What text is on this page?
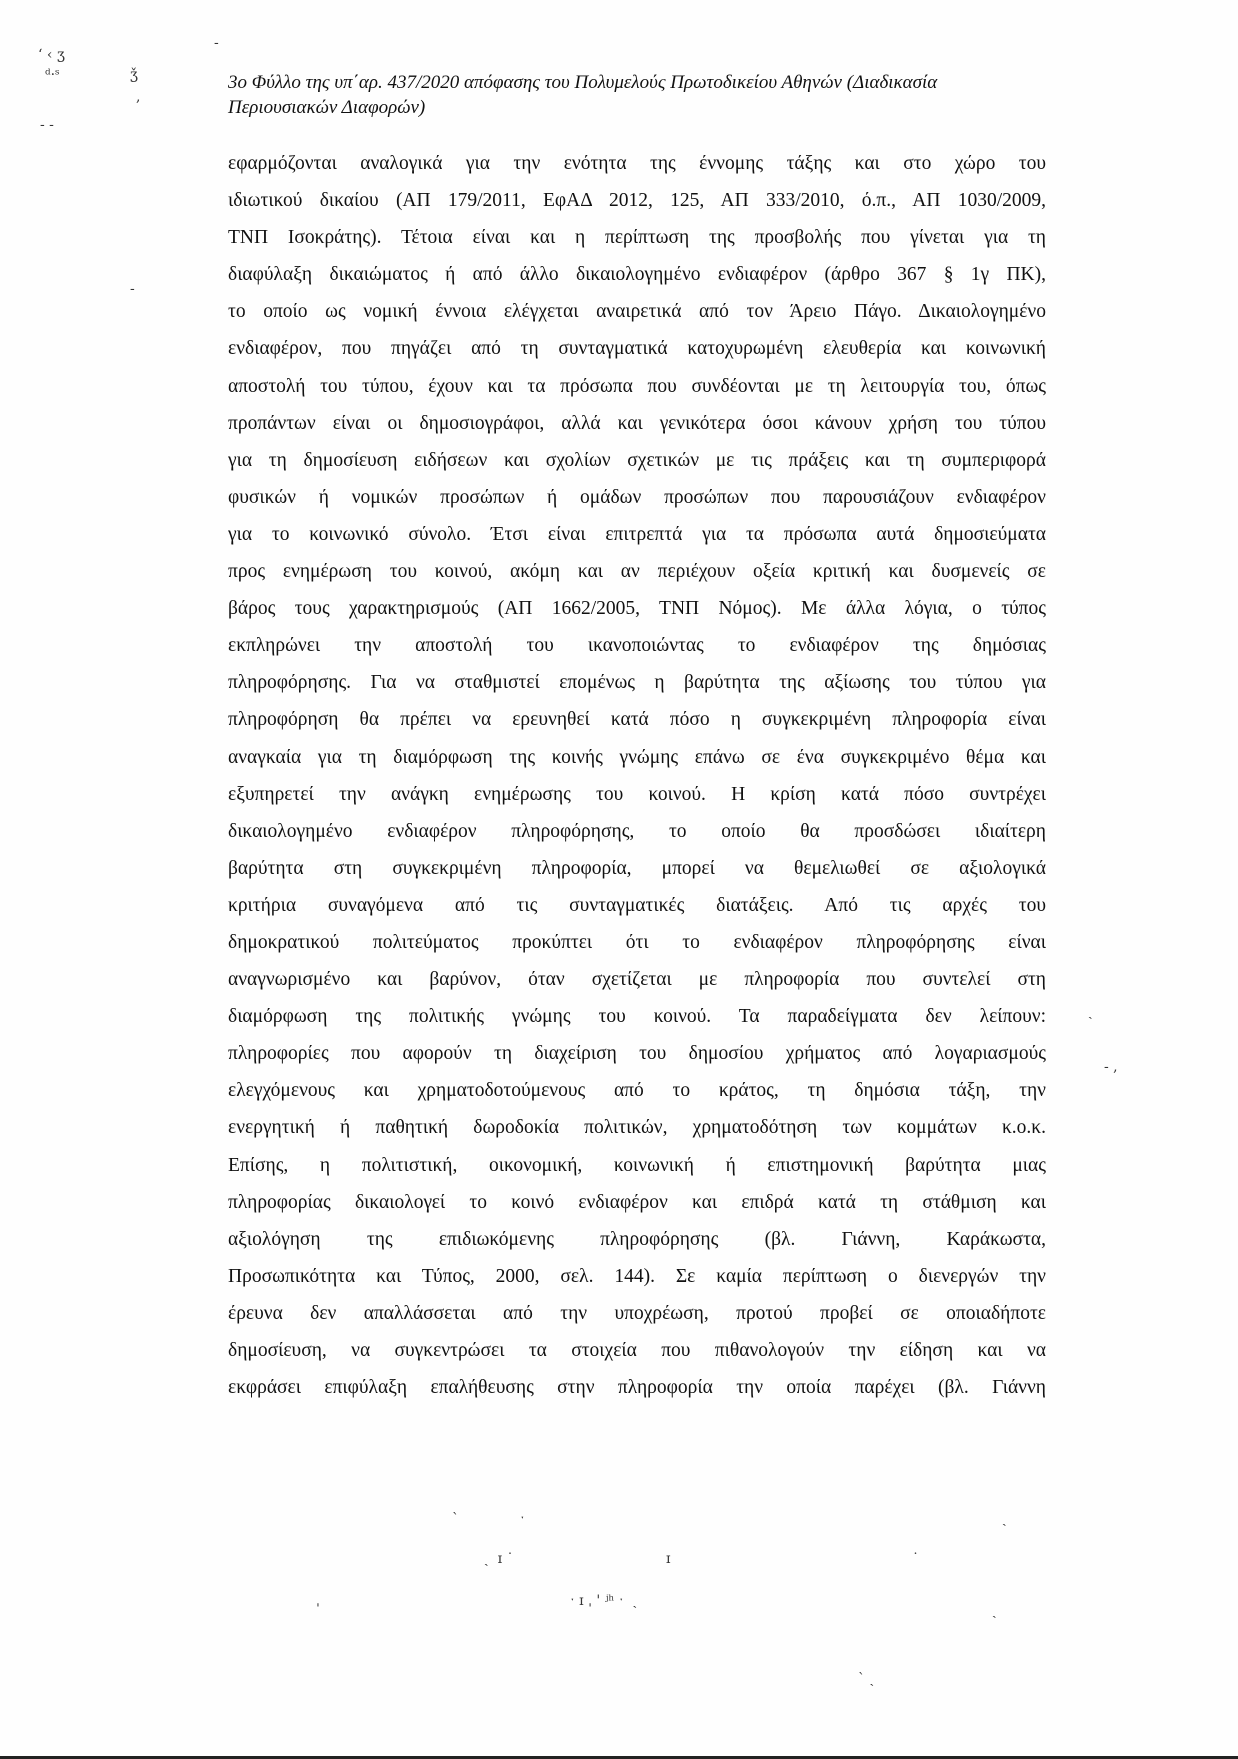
‘ ‹ ʒ
ᵈ·ˢ	ǯ
,
- -
-
-
ˏ
- ,
ˎ  ɪ ˙	ɪ	˙
ˌ	ˑ ɪ ˌ ' ʲʰ ˑ  ˏ
ˎ
ˋ ˏ
ˋ	ˑ	ˏ
3ο Φύλλο της υπ΄αρ. 437/2020 απόφασης του Πολυμελούς Πρωτοδικείου Αθηνών (Διαδικασία Περιουσιακών Διαφορών)
εφαρμόζονται αναλογικά για την ενότητα της έννομης τάξης και στο χώρο του
ιδιωτικού δικαίου (ΑΠ 179/2011, ΕφΑΔ 2012, 125, ΑΠ 333/2010, ό.π., ΑΠ 1030/2009,
ΤΝΠ Ισοκράτης). Τέτοια είναι και η περίπτωση της προσβολής που γίνεται για τη
διαφύλαξη δικαιώματος ή από άλλο δικαιολογημένο ενδιαφέρον (άρθρο 367 § 1γ ΠΚ),
το οποίο ως νομική έννοια ελέγχεται αναιρετικά από τον Άρειο Πάγο. Δικαιολογημένο
ενδιαφέρον, που πηγάζει από τη συνταγματικά κατοχυρωμένη ελευθερία και κοινωνική
αποστολή του τύπου, έχουν και τα πρόσωπα που συνδέονται με τη λειτουργία του, όπως
προπάντων είναι οι δημοσιογράφοι, αλλά και γενικότερα όσοι κάνουν χρήση του τύπου
για τη δημοσίευση ειδήσεων και σχολίων σχετικών με τις πράξεις και τη συμπεριφορά
φυσικών ή νομικών προσώπων ή ομάδων προσώπων που παρουσιάζουν ενδιαφέρον
για το κοινωνικό σύνολο. Έτσι είναι επιτρεπτά για τα πρόσωπα αυτά δημοσιεύματα
προς ενημέρωση του κοινού, ακόμη και αν περιέχουν οξεία κριτική και δυσμενείς σε
βάρος τους χαρακτηρισμούς (ΑΠ 1662/2005, ΤΝΠ Νόμος). Με άλλα λόγια, ο τύπος
εκπληρώνει την αποστολή του ικανοποιώντας το ενδιαφέρον της δημόσιας
πληροφόρησης. Για να σταθμιστεί επομένως η βαρύτητα της αξίωσης του τύπου για
πληροφόρηση θα πρέπει να ερευνηθεί κατά πόσο η συγκεκριμένη πληροφορία είναι
αναγκαία για τη διαμόρφωση της κοινής γνώμης επάνω σε ένα συγκεκριμένο θέμα και
εξυπηρετεί την ανάγκη ενημέρωσης του κοινού. Η κρίση κατά πόσο συντρέχει
δικαιολογημένο ενδιαφέρον πληροφόρησης, το οποίο θα προσδώσει ιδιαίτερη
βαρύτητα στη συγκεκριμένη πληροφορία, μπορεί να θεμελιωθεί σε αξιολογικά
κριτήρια συναγόμενα από τις συνταγματικές διατάξεις. Από τις αρχές του
δημοκρατικού πολιτεύματος προκύπτει ότι το ενδιαφέρον πληροφόρησης είναι
αναγνωρισμένο και βαρύνον, όταν σχετίζεται με πληροφορία που συντελεί στη
διαμόρφωση της πολιτικής γνώμης του κοινού. Τα παραδείγματα δεν λείπουν:
πληροφορίες που αφορούν τη διαχείριση του δημοσίου χρήματος από λογαριασμούς
ελεγχόμενους και χρηματοδοτούμενους από το κράτος, τη δημόσια τάξη, την
ενεργητική ή παθητική δωροδοκία πολιτικών, χρηματοδότηση των κομμάτων κ.ο.κ.
Επίσης, η πολιτιστική, οικονομική, κοινωνική ή επιστημονική βαρύτητα μιας
πληροφορίας δικαιολογεί το κοινό ενδιαφέρον και επιδρά κατά τη στάθμιση και
αξιολόγηση της επιδιωκόμενης πληροφόρησης (βλ. Γιάννη, Καράκωστα,
Προσωπικότητα και Τύπος, 2000, σελ. 144). Σε καμία περίπτωση ο διενεργών την
έρευνα δεν απαλλάσσεται από την υποχρέωση, προτού προβεί σε οποιαδήποτε
δημοσίευση, να συγκεντρώσει τα στοιχεία που πιθανολογούν την είδηση και να
εκφράσει επιφύλαξη επαλήθευσης στην πληροφορία την οποία παρέχει (βλ. Γιάννη
